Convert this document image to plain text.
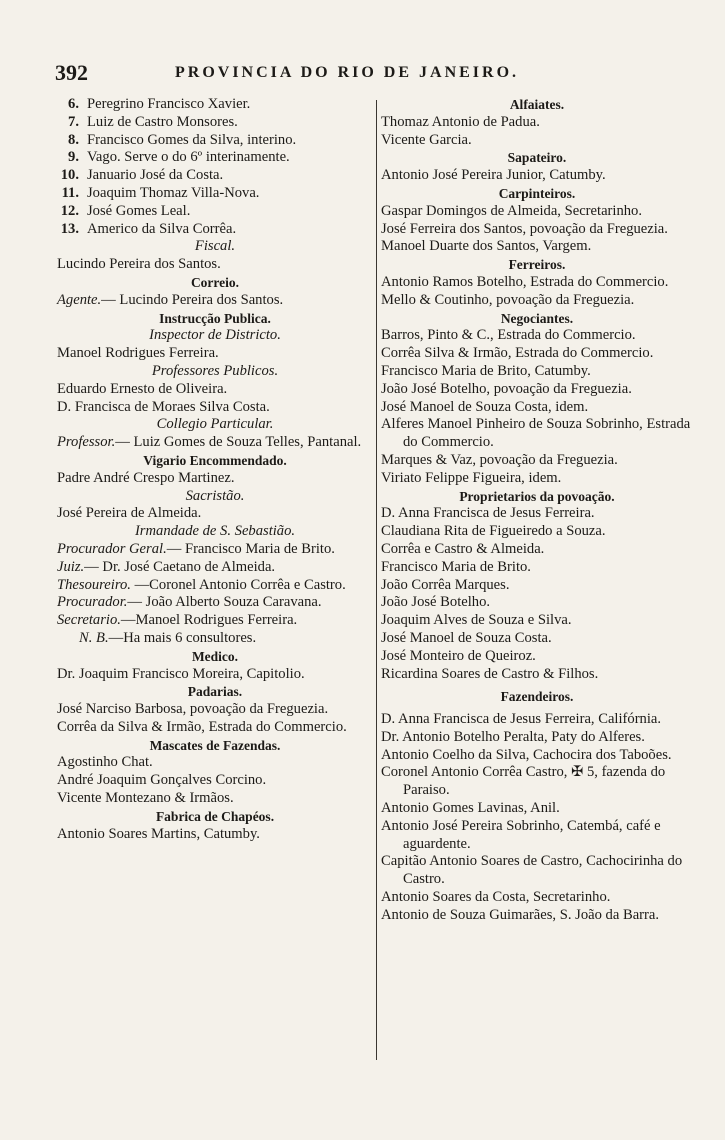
392	PROVINCIA DO RIO DE JANEIRO.
6. Peregrino Francisco Xavier.
7. Luiz de Castro Monsores.
8. Francisco Gomes da Silva, interino.
9. Vago. Serve o do 6º interinamente.
10. Januario José da Costa.
11. Joaquim Thomaz Villa-Nova.
12. José Gomes Leal.
13. Americo da Silva Corrêa.
Fiscal.
Lucindo Pereira dos Santos.
Correio.
Agente.— Lucindo Pereira dos Santos.
Instrucção Publica.
Inspector de Districto.
Manoel Rodrigues Ferreira.
Professores Publicos.
Eduardo Ernesto de Oliveira.
D. Francisca de Moraes Silva Costa.
Collegio Particular.
Professor.— Luiz Gomes de Souza Telles, Pantanal.
Vigario Encommendado.
Padre André Crespo Martinez.
Sacristão.
José Pereira de Almeida.
Irmandade de S. Sebastião.
Procurador Geral.— Francisco Maria de Brito.
Juiz.— Dr. José Caetano de Almeida.
Thesoureiro. —Coronel Antonio Corrêa e Castro.
Procurador.— João Alberto Souza Caravana.
Secretario.—Manoel Rodrigues Ferreira.
N. B.—Ha mais 6 consultores.
Medico.
Dr. Joaquim Francisco Moreira, Capitolio.
Padarias.
José Narciso Barbosa, povoação da Freguezia.
Corrêa da Silva & Irmão, Estrada do Commercio.
Mascates de Fazendas.
Agostinho Chat.
André Joaquim Gonçalves Corcino.
Vicente Montezano & Irmãos.
Fabrica de Chapéos.
Antonio Soares Martins, Catumby.
Alfaiates.
Thomaz Antonio de Padua.
Vicente Garcia.
Sapateiro.
Antonio José Pereira Junior, Catumby.
Carpinteiros.
Gaspar Domingos de Almeida, Secretarinho.
José Ferreira dos Santos, povoação da Freguezia.
Manoel Duarte dos Santos, Vargem.
Ferreiros.
Antonio Ramos Botelho, Estrada do Commercio.
Mello & Coutinho, povoação da Freguezia.
Negociantes.
Barros, Pinto & C., Estrada do Commercio.
Corrêa Silva & Irmão, Estrada do Commercio.
Francisco Maria de Brito, Catumby.
João José Botelho, povoação da Freguezia.
José Manoel de Souza Costa, idem.
Alferes Manoel Pinheiro de Souza Sobrinho, Estrada do Commercio.
Marques & Vaz, povoação da Freguezia.
Viriato Felippe Figueira, idem.
Proprietarios da povoação.
D. Anna Francisca de Jesus Ferreira.
Claudiana Rita de Figueiredo a Souza.
Corrêa e Castro & Almeida.
Francisco Maria de Brito.
João Corrêa Marques.
João José Botelho.
Joaquim Alves de Souza e Silva.
José Manoel de Souza Costa.
José Monteiro de Queiroz.
Ricardina Soares de Castro & Filhos.
Fazendeiros.
D. Anna Francisca de Jesus Ferreira, Califórnia.
Dr. Antonio Botelho Peralta, Paty do Alferes.
Antonio Coelho da Silva, Cachocira dos Taboões.
Coronel Antonio Corrêa Castro, ✠ 5, fazenda do Paraiso.
Antonio Gomes Lavinas, Anil.
Antonio José Pereira Sobrinho, Catembá, café e aguardente.
Capitão Antonio Soares de Castro, Cachocirinha do Castro.
Antonio Soares da Costa, Secretarinho.
Antonio de Souza Guimarães, S. João da Barra.
